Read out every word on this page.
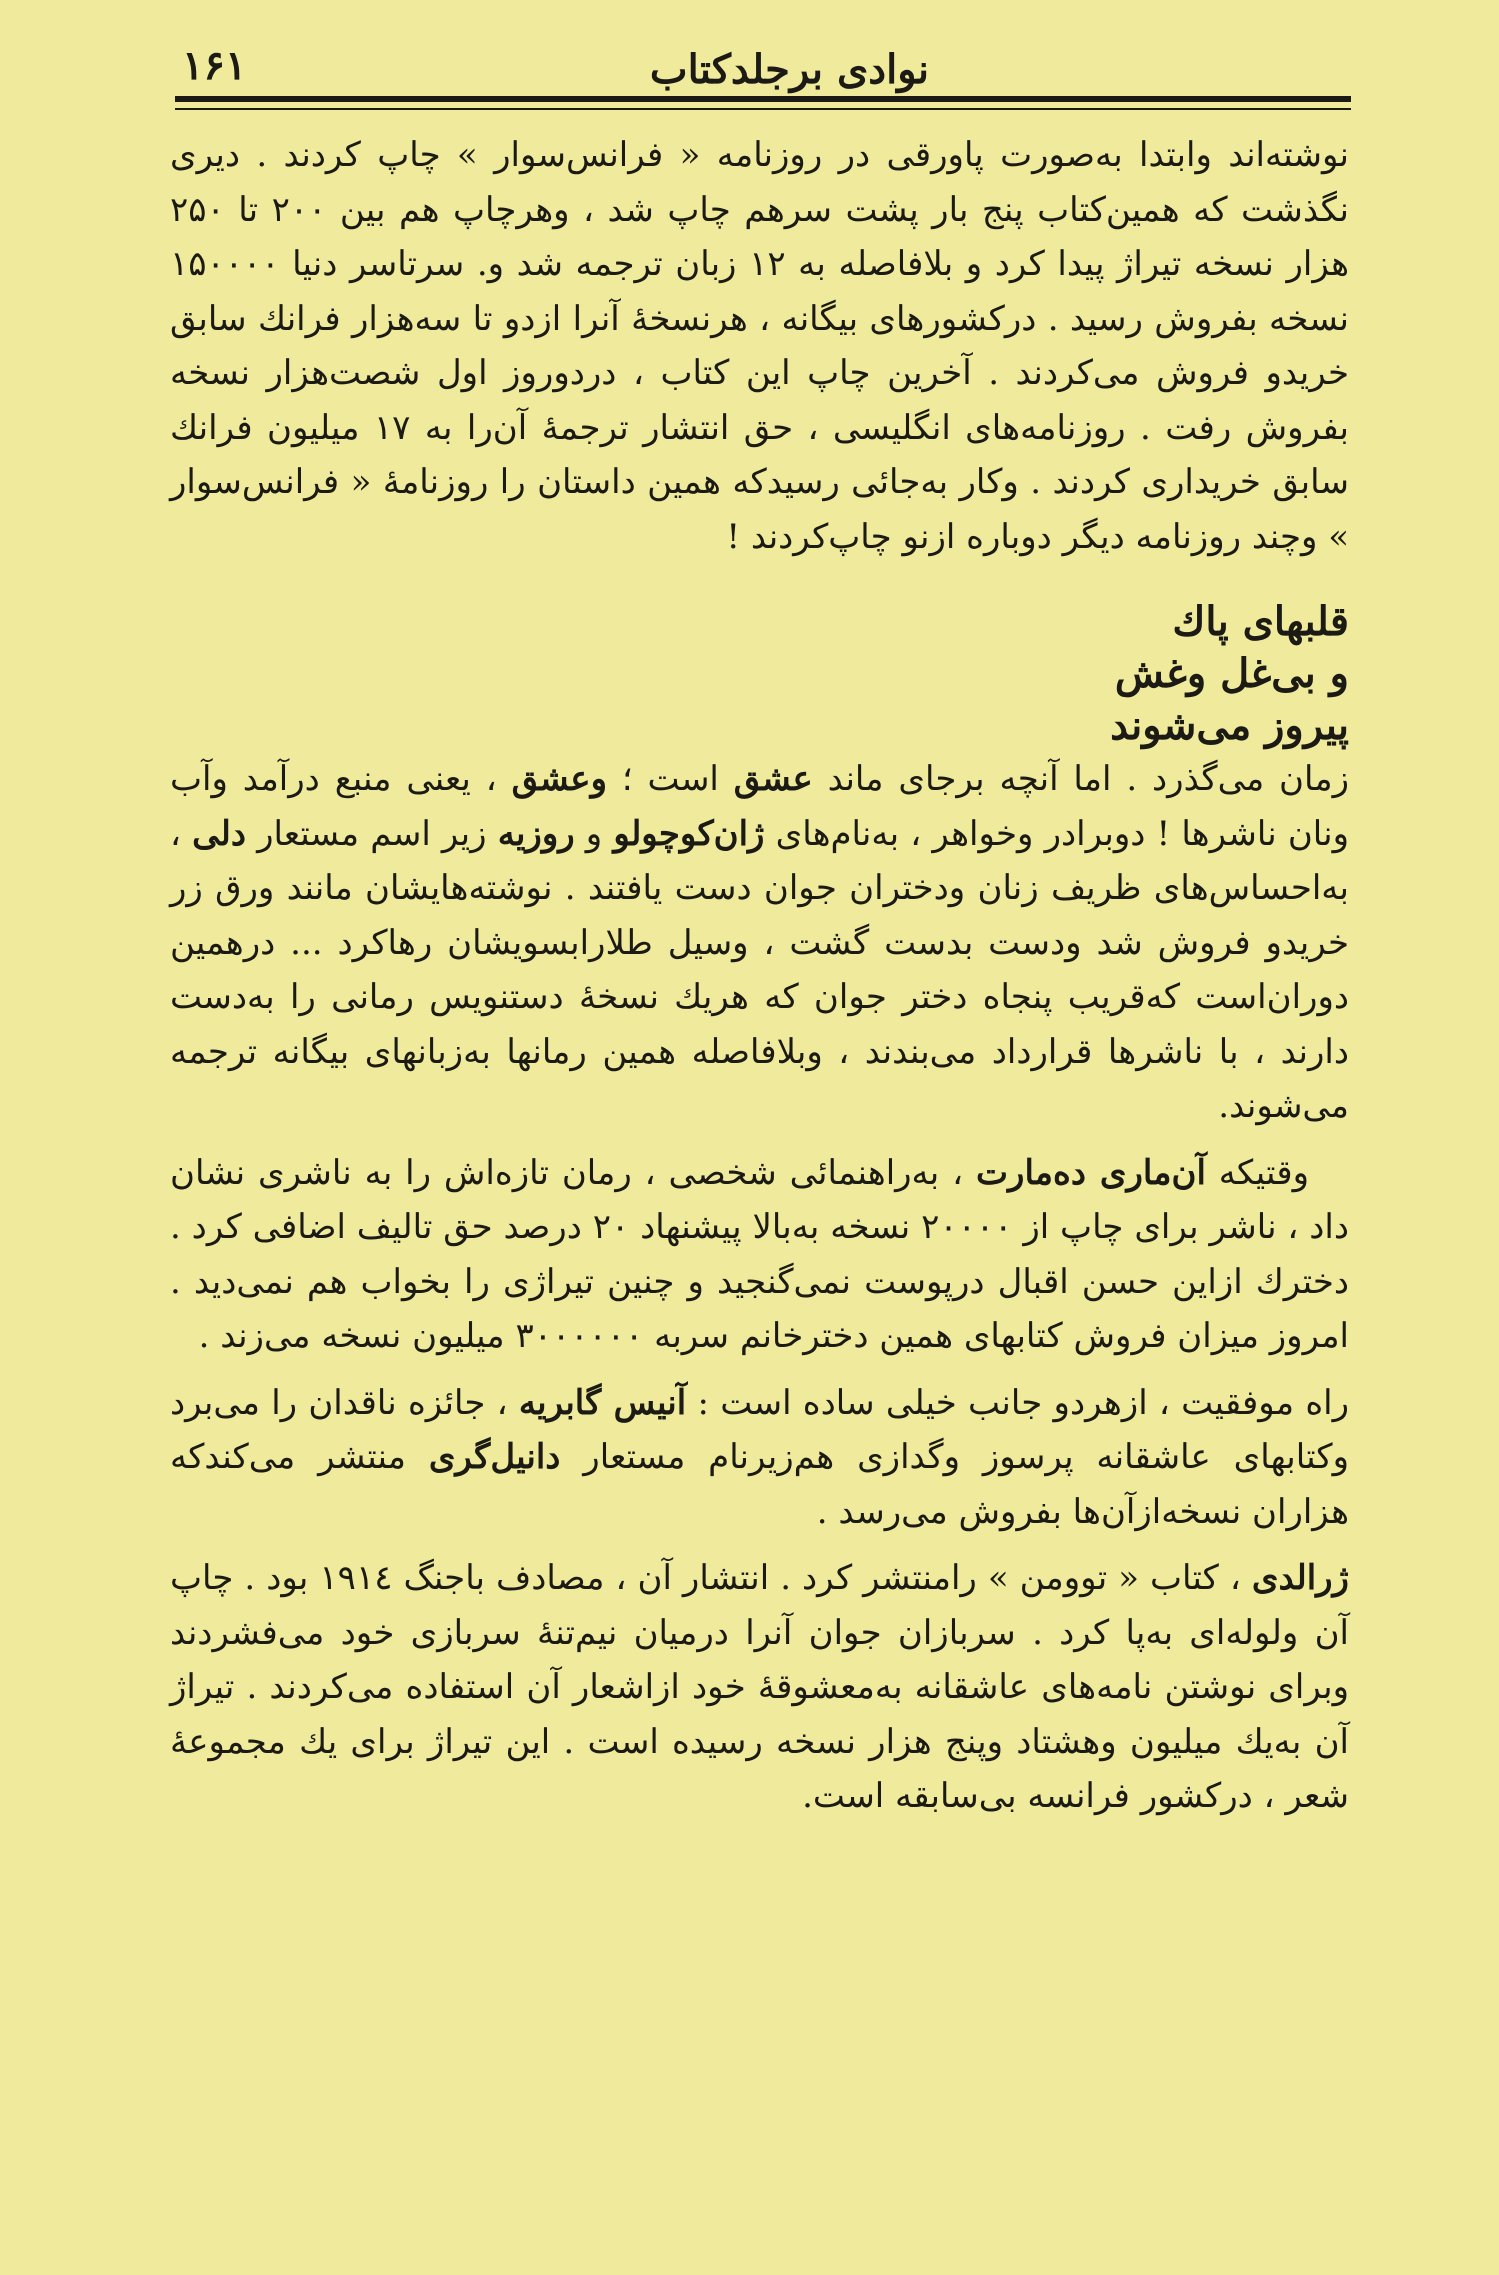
نوادی برجلدکتاب
۱۶۱

نوشته‌اند وابتدا به‌صورت پاورقی در روزنامه « فرانس‌سوار » چاپ کردند . دیری نگذشت که همین‌کتاب پنج بار پشت سرهم چاپ شد ، وهرچاپ هم بین ۲۰۰ تا ۲۵۰ هزار نسخه تیراژ پیدا کرد و بلافاصله به ۱۲ زبان ترجمه شد و. سرتاسر دنیا ۱۵۰۰۰۰ نسخه بفروش رسید . درکشورهای بیگانه ، هرنسخهٔ آنرا ازدو تا سه‌هزار فرانك سابق خریدو فروش می‌کردند . آخرین چاپ این کتاب ، دردوروز اول شصت‌هزار نسخه بفروش رفت . روزنامه‌های انگلیسی ، حق انتشار ترجمهٔ آن‌را به ۱۷ میلیون فرانك سابق خریداری کردند . وکار به‌جائی رسیدکه همین داستان را روزنامهٔ « فرانس‌سوار » وچند روزنامه دیگر دوباره ازنو چاپ‌کردند !

قلبهای پاك
و بی‌غل وغش
پیروز می‌شوند

زمان می‌گذرد . اما آنچه برجای ماند عشق است ؛ وعشق ، یعنی منبع درآمد وآب ونان ناشرها ! دوبرادر وخواهر ، به‌نام‌های ژان‌کوچولو و روزیه زیر اسم مستعار دلی ، به‌احساس‌های ظریف زنان ودختران جوان دست یافتند . نوشته‌هایشان مانند ورق زر خریدو فروش شد ودست بدست گشت ، وسیل طلارابسویشان رهاکرد ... درهمین دوران‌است که‌قریب پنجاه دختر جوان که هریك نسخهٔ دستنویس رمانی را به‌دست دارند ، با ناشرها قرارداد می‌بندند ، وبلافاصله همین رمانها به‌زبانهای بیگانه ترجمه می‌شوند.

وقتیکه آن‌ماری ده‌مارت ، به‌راهنمائی شخصی ، رمان تازه‌اش را به ناشری نشان داد ، ناشر برای چاپ از ۲۰۰۰۰ نسخه به‌بالا پیشنهاد ۲۰ درصد حق تالیف اضافی کرد . دخترك ازاین حسن اقبال درپوست نمی‌گنجید و چنین تیراژی را بخواب هم نمی‌دید . امروز میزان فروش کتابهای همین دخترخانم سربه ۳۰۰۰۰۰۰ میلیون نسخه می‌زند .

راه موفقیت ، ازهردو جانب خیلی ساده است : آنیس گابریه ، جائزه ناقدان را می‌برد وکتابهای عاشقانه پرسوز وگدازی هم‌زیرنام مستعار دانیل‌گری منتشر می‌کندکه هزاران نسخه‌ازآن‌ها بفروش می‌رسد .

ژرالدی ، کتاب « توومن » رامنتشر کرد . انتشار آن ، مصادف باجنگ ۱۹۱٤ بود . چاپ آن ولوله‌ای به‌پا کرد . سربازان جوان آنرا درمیان نیم‌تنهٔ سربازی خود می‌فشردند وبرای نوشتن نامه‌های عاشقانه به‌معشوقهٔ خود ازاشعار آن استفاده می‌کردند . تیراژ آن به‌یك میلیون وهشتاد وپنج هزار نسخه رسیده است . این تیراژ برای یك مجموعهٔ شعر ، درکشور فرانسه بی‌سابقه است.
